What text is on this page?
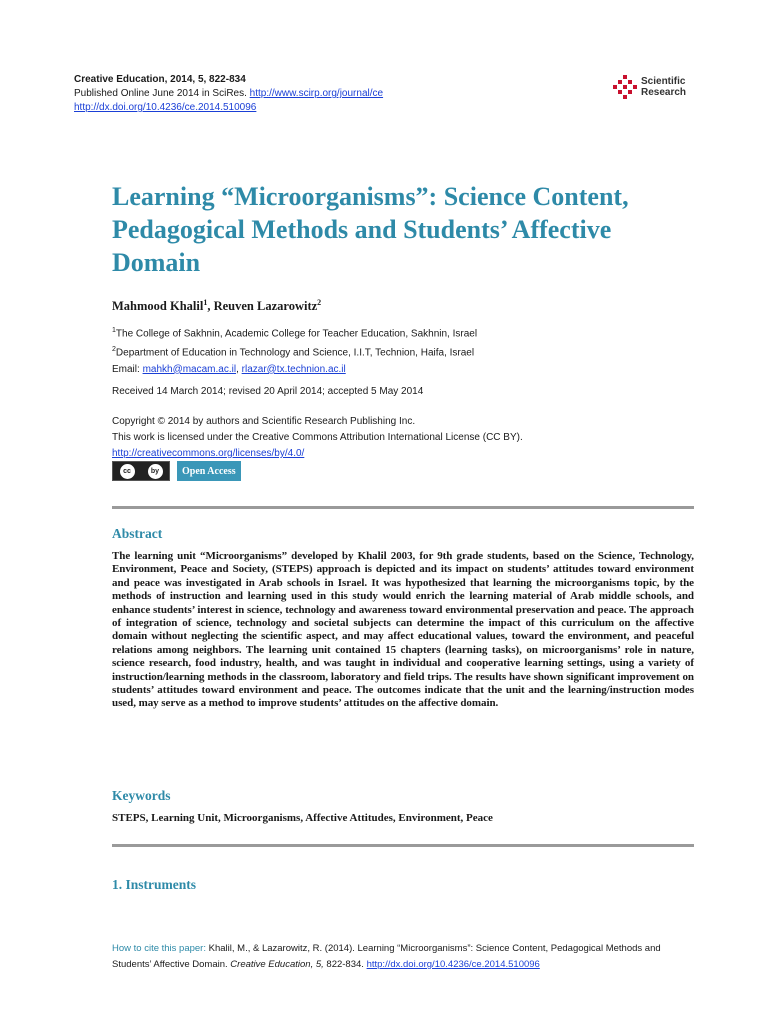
Creative Education, 2014, 5, 822-834
Published Online June 2014 in SciRes. http://www.scirp.org/journal/ce
http://dx.doi.org/10.4236/ce.2014.510096
Scientific
Research
Learning “Microorganisms”: Science Content, Pedagogical Methods and Students’ Affective Domain
Mahmood Khalil$^1$, Reuven Lazarowitz$^2$
$^1$The College of Sakhnin, Academic College for Teacher Education, Sakhnin, Israel
$^2$Department of Education in Technology and Science, I.I.T, Technion, Haifa, Israel
Email: mahkh@macam.ac.il, rlazar@tx.technion.ac.il
Received 14 March 2014; revised 20 April 2014; accepted 5 May 2014
Copyright © 2014 by authors and Scientific Research Publishing Inc.
This work is licensed under the Creative Commons Attribution International License (CC BY).
http://creativecommons.org/licenses/by/4.0/
cc	by	Open Access
Abstract

The learning unit “Microorganisms” developed by Khalil 2003, for 9th grade students, based on the Science, Technology, Environment, Peace and Society, (STEPS) approach is depicted and its impact on students’ attitudes toward environment and peace was investigated in Arab schools in Israel. It was hypothesized that learning the microorganisms topic, by the methods of instruction and learning used in this study would enrich the learning material of Arab middle schools, and enhance students’ interest in science, technology and awareness toward environmental preservation and peace. The approach of integration of science, technology and societal subjects can determine the impact of this curriculum on the affective domain without neglecting the scientific aspect, and may affect educational values, toward the environment, and peaceful relations among neighbors. The learning unit contained 15 chapters (learning tasks), on microorganisms’ role in nature, science research, food industry, health, and was taught in individual and cooperative learning settings, using a variety of instruction/learning methods in the classroom, laboratory and field trips. The results have shown significant improvement on students’ attitudes toward environment and peace. The outcomes indicate that the unit and the learning/instruction modes used, may serve as a method to improve students’ attitudes on the affective domain.

Keywords
STEPS, Learning Unit, Microorganisms, Affective Attitudes, Environment, Peace
1. Instruments
How to cite this paper: Khalil, M., & Lazarowitz, R. (2014). Learning “Microorganisms”: Science Content, Pedagogical Methods and Students’ Affective Domain. Creative Education, 5, 822-834. http://dx.doi.org/10.4236/ce.2014.510096
